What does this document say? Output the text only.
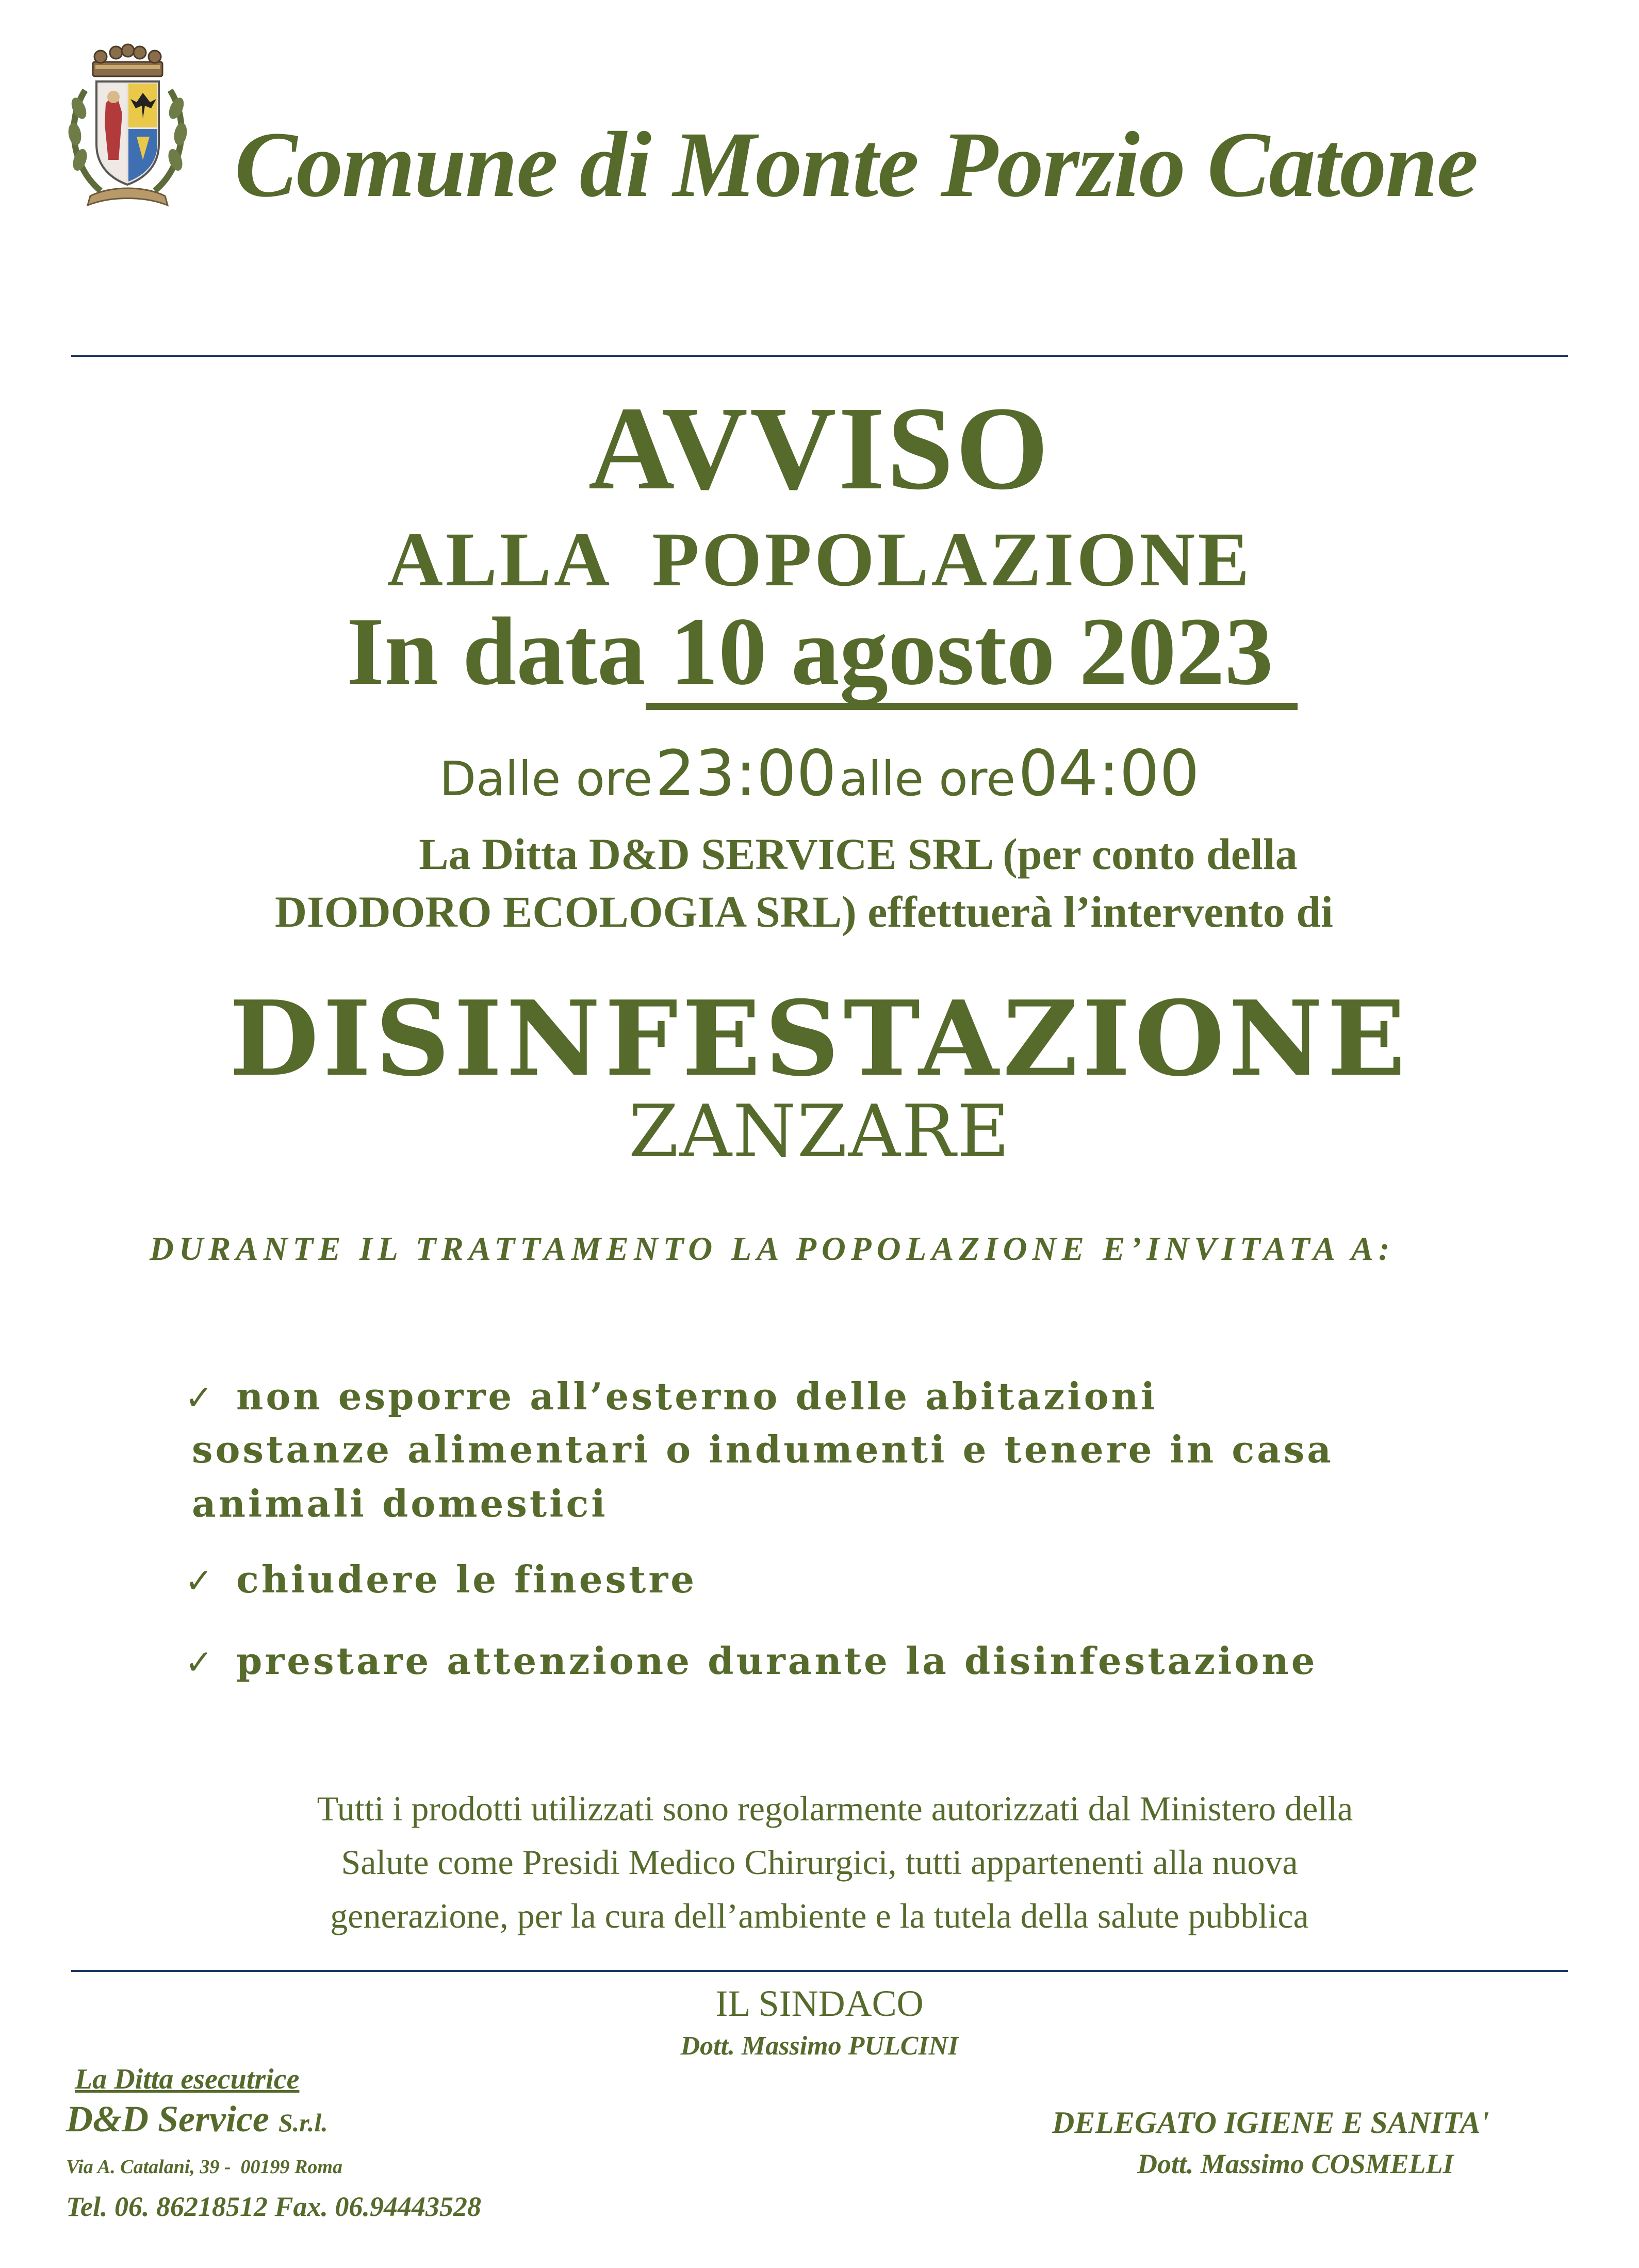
Comune di Monte Porzio Catone
AVVISO
ALLA  POPOLAZIONE
In data 10 agosto 2023
Dalle ore 23:00 alle ore 04:00
La Ditta D&D SERVICE SRL (per conto della
DIODORO ECOLOGIA SRL) effettuerà l’intervento di
DISINFESTAZIONE
ZANZARE
DURANTE IL TRATTAMENTO LA POPOLAZIONE E’INVITATA A:
✓ non esporre all’esterno delle abitazioni
sostanze alimentari o indumenti e tenere in casa
animali domestici
✓ chiudere le finestre
✓ prestare attenzione durante la disinfestazione
Tutti i prodotti utilizzati sono regolarmente autorizzati dal Ministero della
Salute come Presidi Medico Chirurgici, tutti appartenenti alla nuova
generazione, per la cura dell’ambiente e la tutela della salute pubblica
IL SINDACO
Dott. Massimo PULCINI
La Ditta esecutrice
D&D Service S.r.l.
Via A. Catalani, 39 -  00199 Roma
Tel. 06. 86218512 Fax. 06.94443528
DELEGATO IGIENE E SANITA'
Dott. Massimo COSMELLI
